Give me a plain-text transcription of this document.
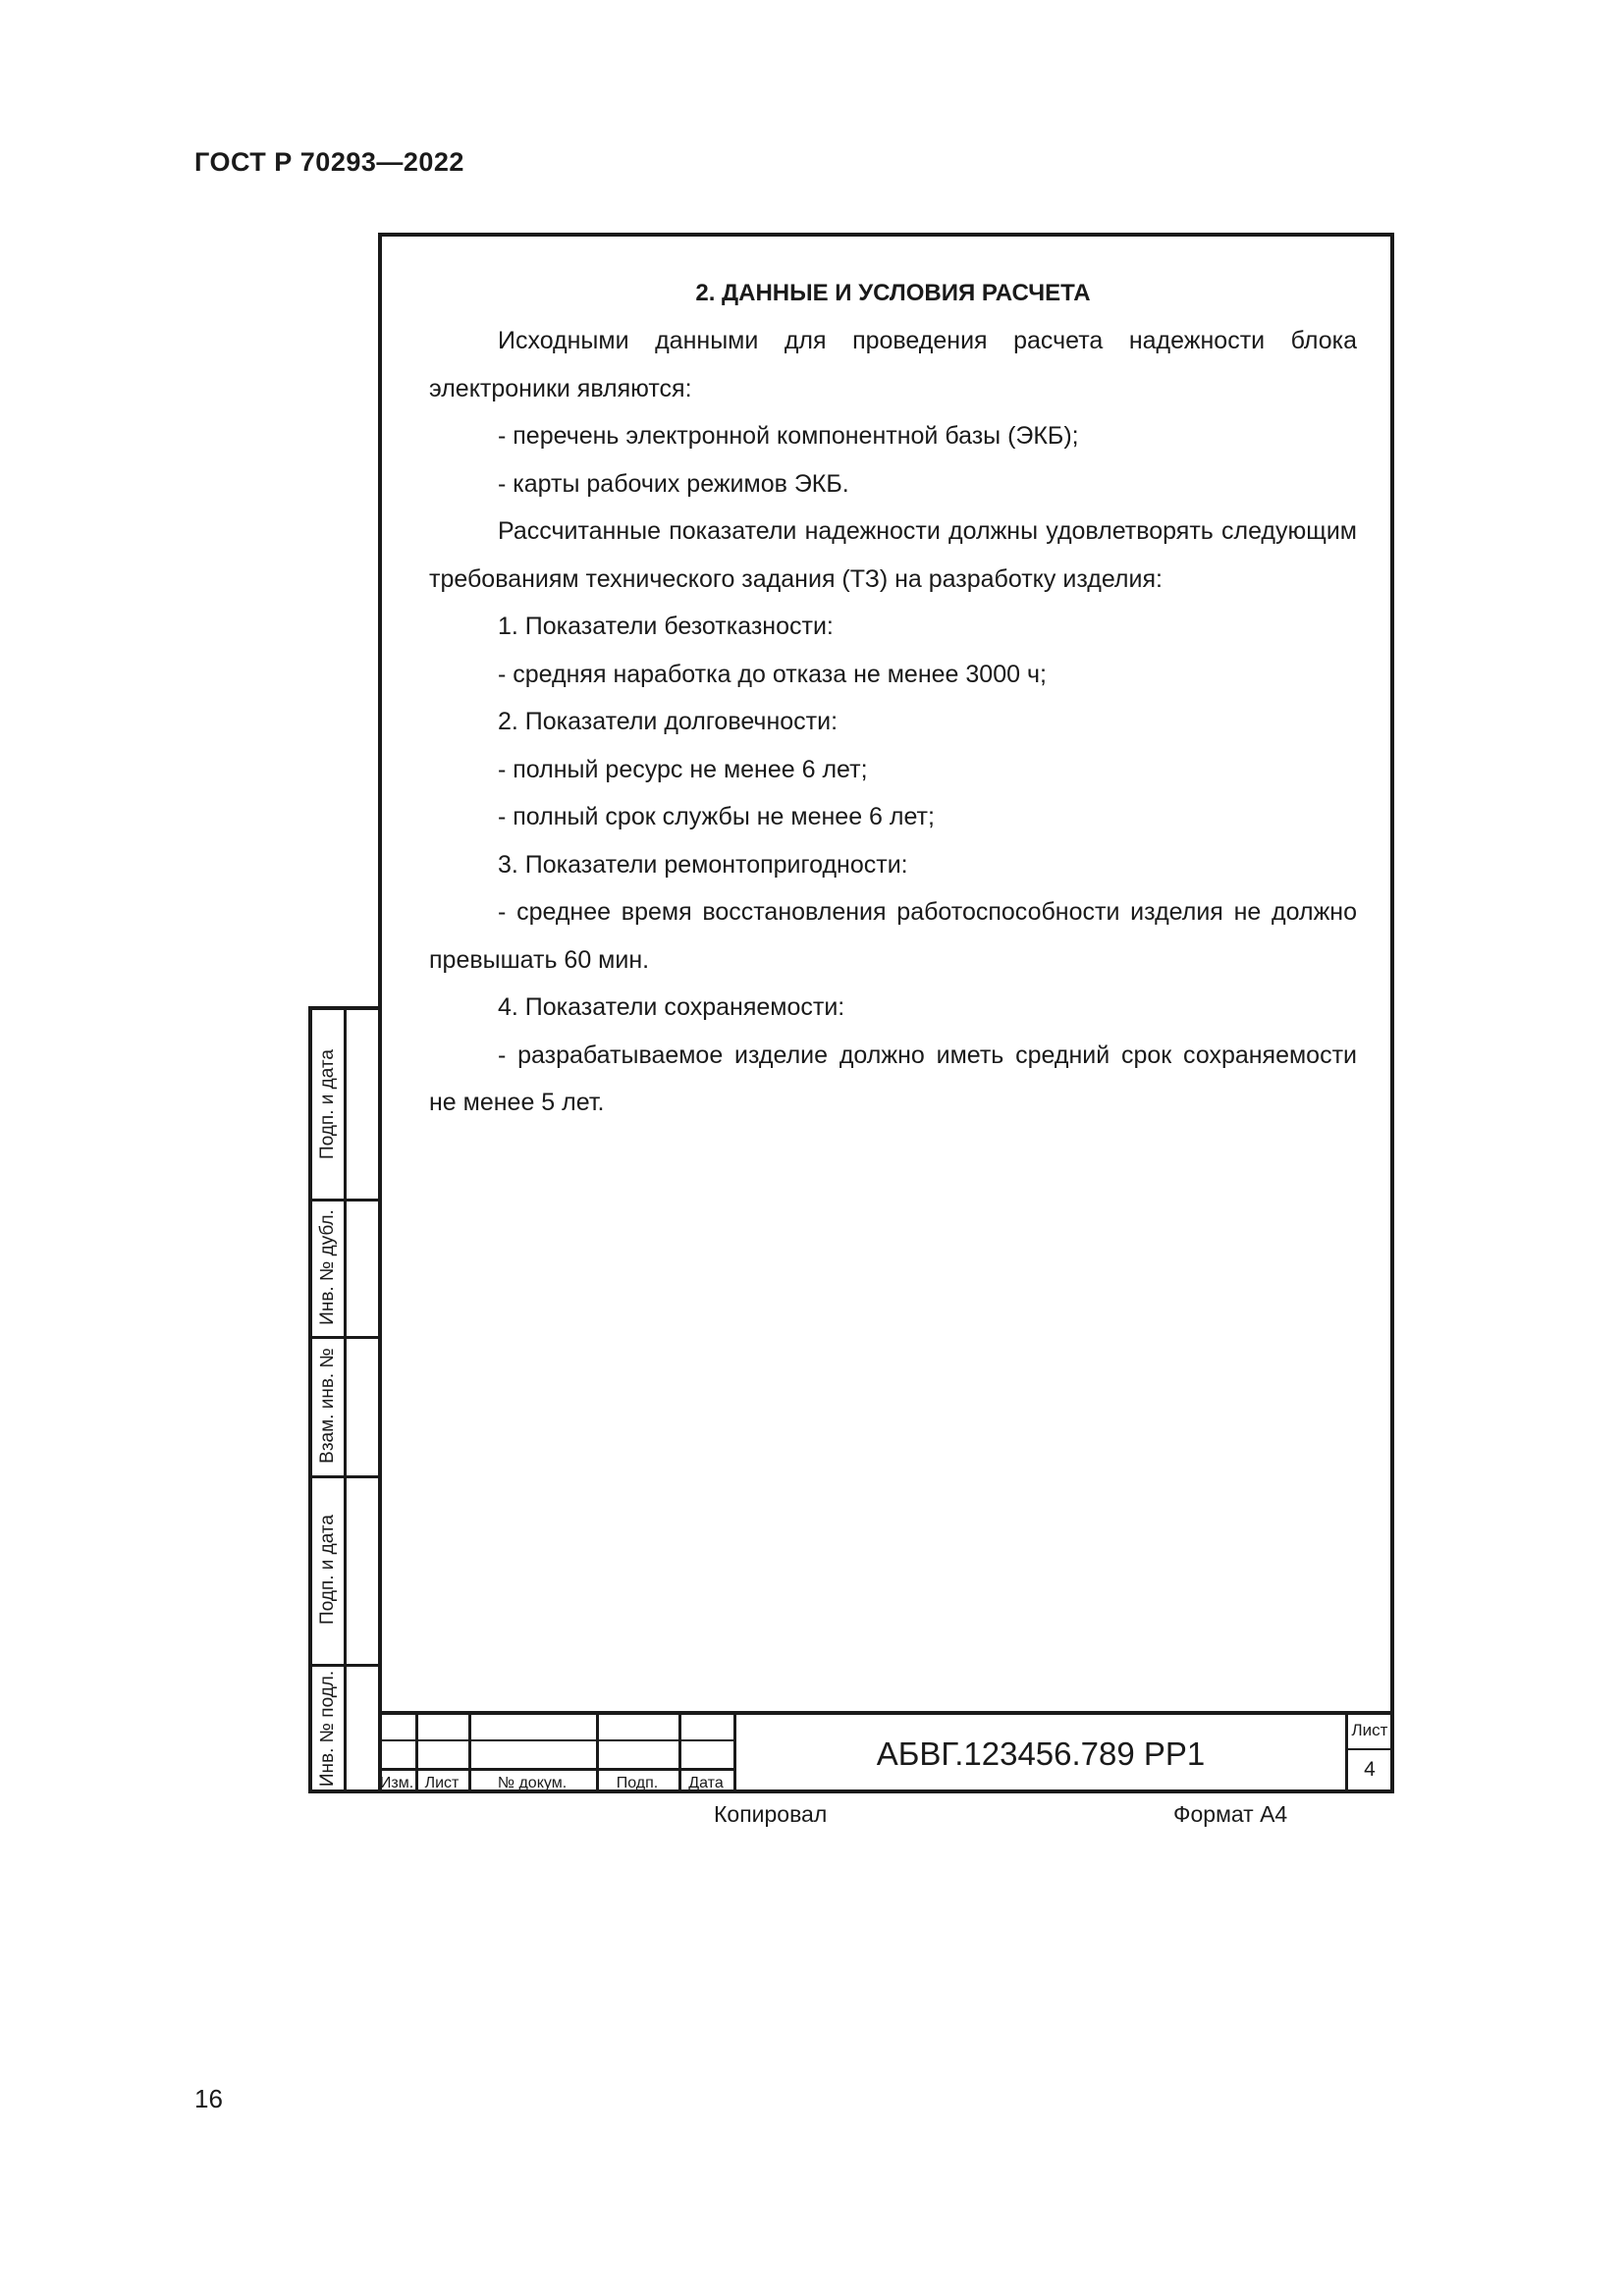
ГОСТ Р 70293—2022
2. ДАННЫЕ И УСЛОВИЯ РАСЧЕТА
Исходными данными для проведения расчета надежности блока электроники являются:
- перечень электронной компонентной базы (ЭКБ);
- карты рабочих режимов ЭКБ.
Рассчитанные показатели надежности должны удовлетворять следующим требованиям технического задания (ТЗ) на разработку изделия:
1. Показатели безотказности:
- средняя наработка до отказа не менее 3000 ч;
2. Показатели долговечности:
- полный ресурс не менее 6 лет;
- полный срок службы не менее 6 лет;
3. Показатели ремонтопригодности:
- среднее время восстановления работоспособности изделия не должно превышать 60 мин.
4. Показатели сохраняемости:
- разрабатываемое изделие должно иметь средний срок сохраняемости не менее 5 лет.
Подп. и дата
Инв. № дубл.
Взам. инв. №
Подп. и дата
Инв. № подл.	Изм. Лист	№ докум.	Подп.	Дата
АБВГ.123456.789 РР1
Лист
4
Копировал	Формат А4
16
